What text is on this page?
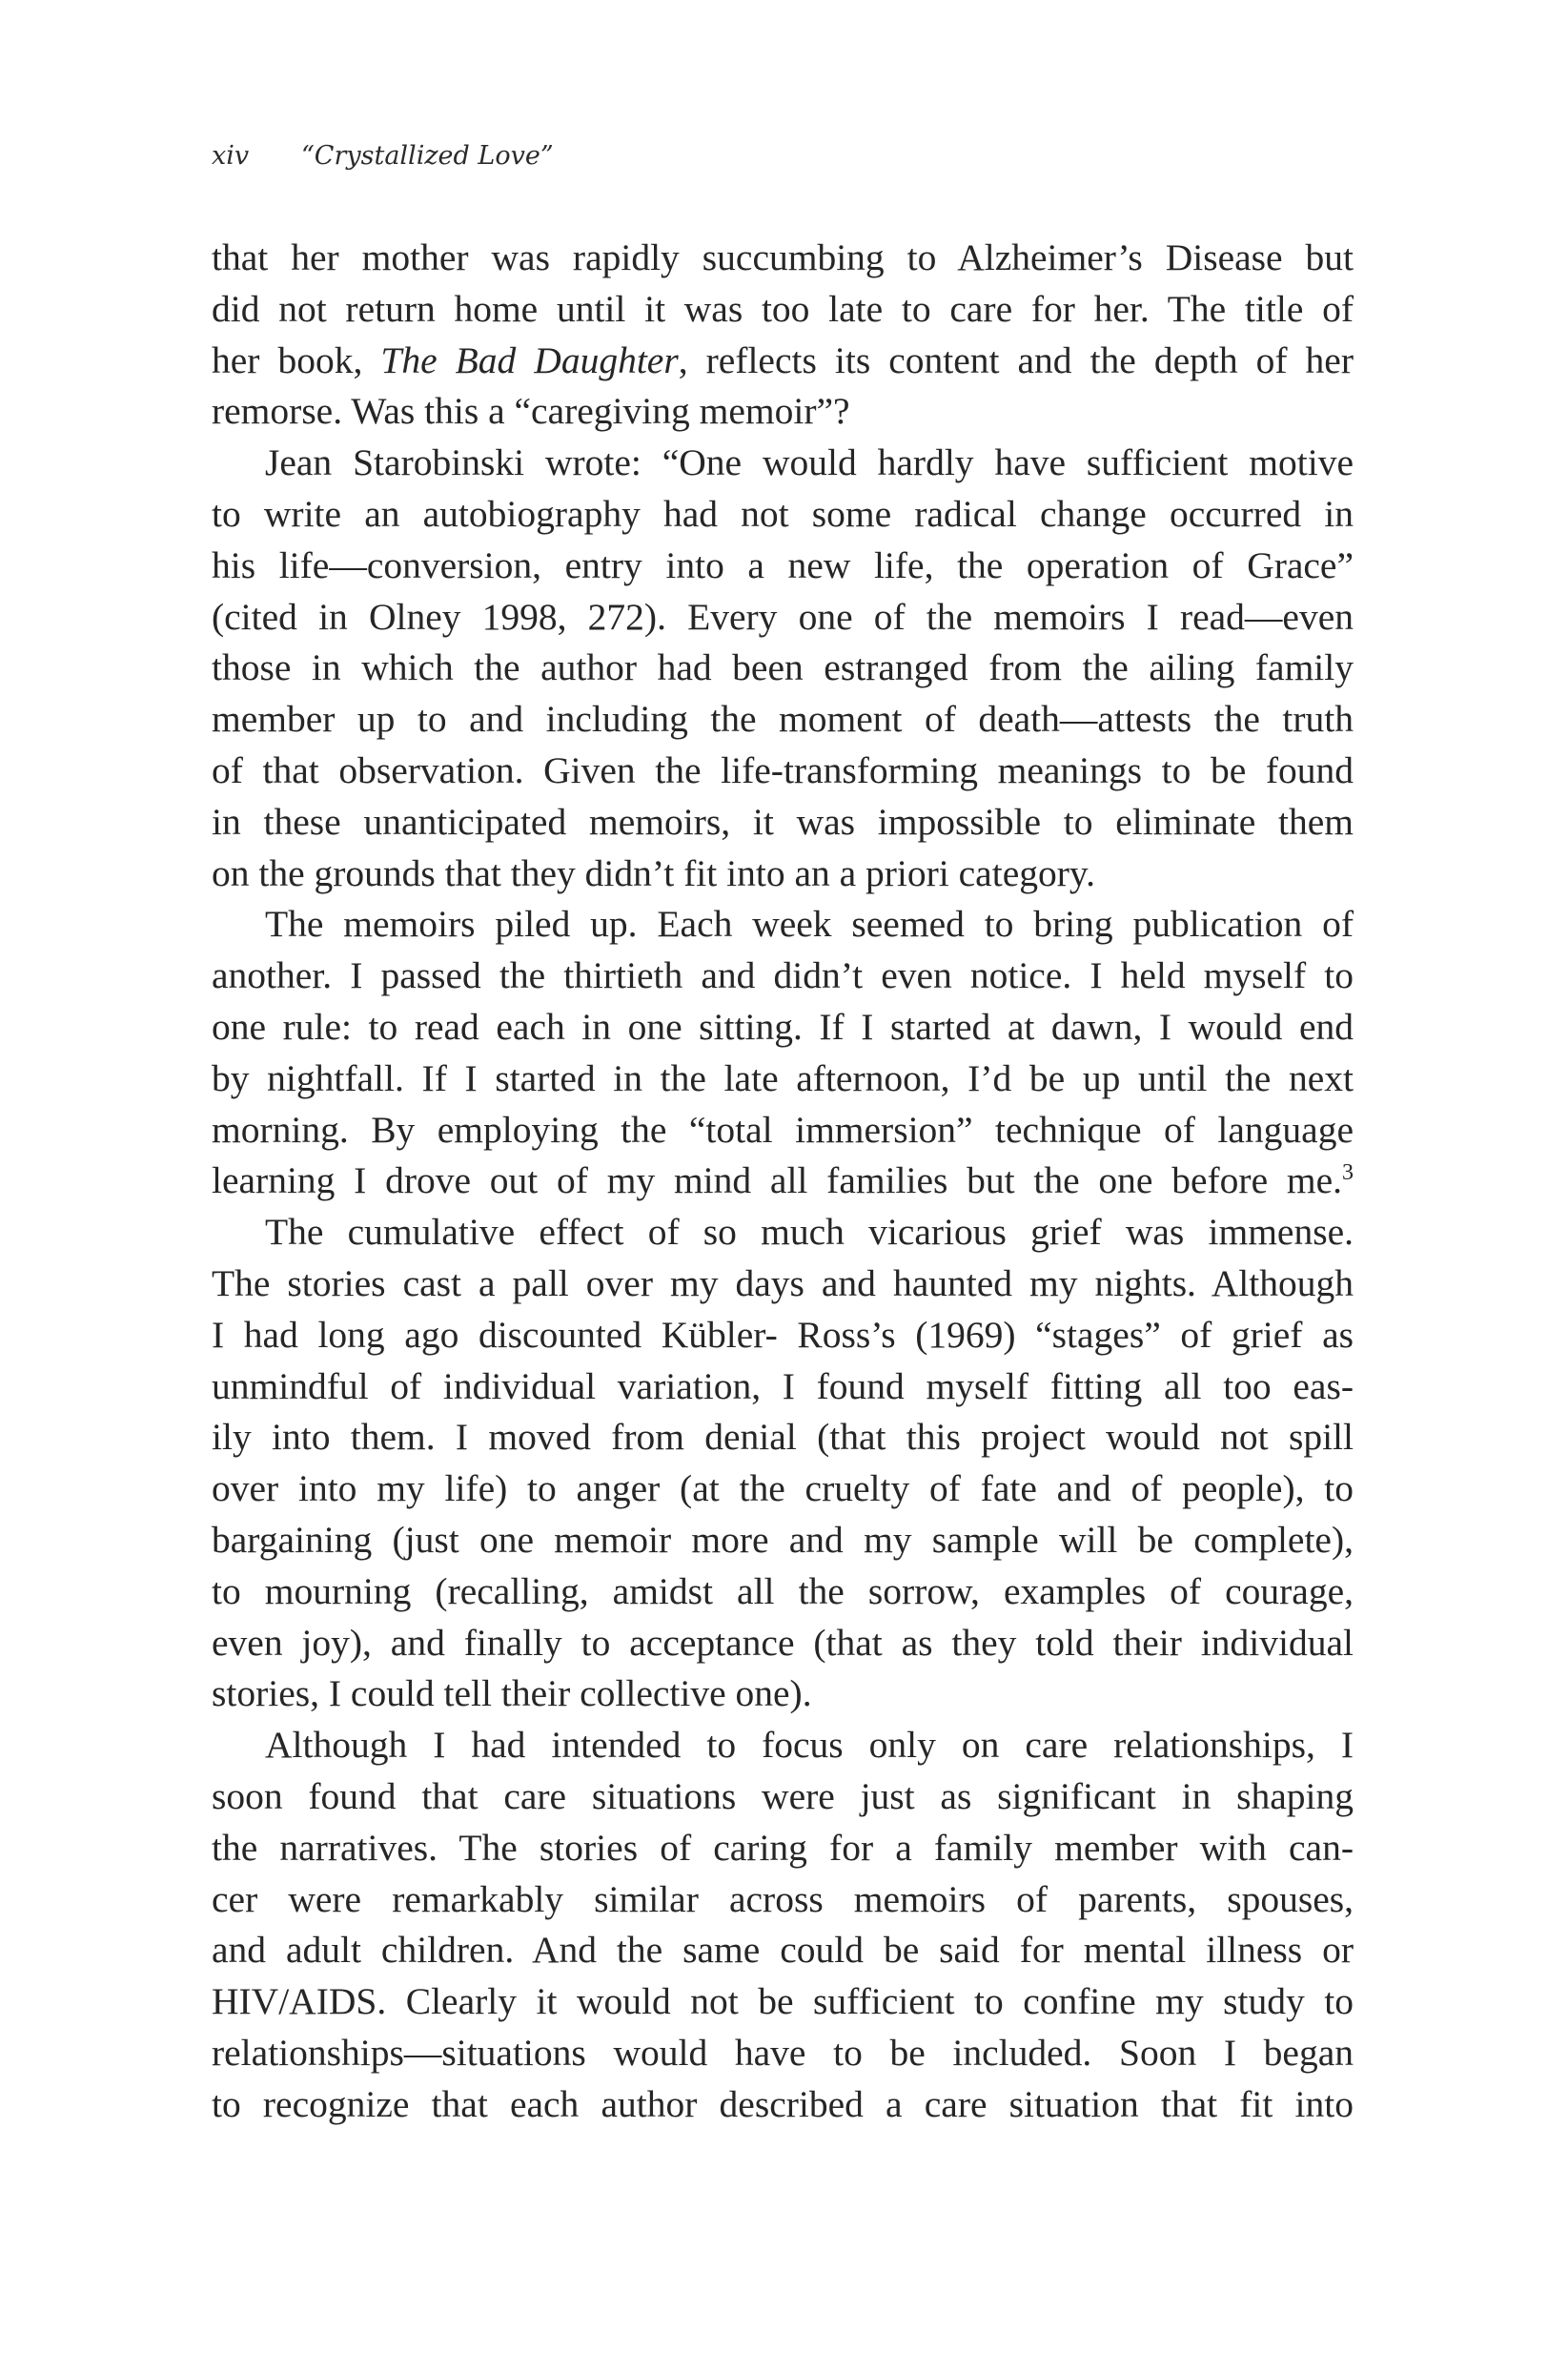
xiv “Crystallized Love”
that her mother was rapidly succumbing to Alzheimer’s Disease but
did not return home until it was too late to care for her. The title of
her book, The Bad Daughter, reflects its content and the depth of her
remorse. Was this a “caregiving memoir”?
Jean Starobinski wrote: “One would hardly have sufficient motive
to write an autobiography had not some radical change occurred in
his life—conversion, entry into a new life, the operation of Grace”
(cited in Olney 1998, 272). Every one of the memoirs I read—even
those in which the author had been estranged from the ailing family
member up to and including the moment of death—attests the truth
of that observation. Given the life-transforming meanings to be found
in these unanticipated memoirs, it was impossible to eliminate them
on the grounds that they didn’t fit into an a priori category.
The memoirs piled up. Each week seemed to bring publication of
another. I passed the thirtieth and didn’t even notice. I held myself to
one rule: to read each in one sitting. If I started at dawn, I would end
by nightfall. If I started in the late afternoon, I’d be up until the next
morning. By employing the “total immersion” technique of language
learning I drove out of my mind all families but the one before me.$^3$
The cumulative effect of so much vicarious grief was immense.
The stories cast a pall over my days and haunted my nights. Although
I had long ago discounted Kübler- Ross’s (1969) “stages” of grief as
unmindful of individual variation, I found myself fitting all too eas-
ily into them. I moved from denial (that this project would not spill
over into my life) to anger (at the cruelty of fate and of people), to
bargaining (just one memoir more and my sample will be complete),
to mourning (recalling, amidst all the sorrow, examples of courage,
even joy), and finally to acceptance (that as they told their individual
stories, I could tell their collective one).
Although I had intended to focus only on care relationships, I
soon found that care situations were just as significant in shaping
the narratives. The stories of caring for a family member with can-
cer were remarkably similar across memoirs of parents, spouses,
and adult children. And the same could be said for mental illness or
HIV/AIDS. Clearly it would not be sufficient to confine my study to
relationships—situations would have to be included. Soon I began
to recognize that each author described a care situation that fit into
